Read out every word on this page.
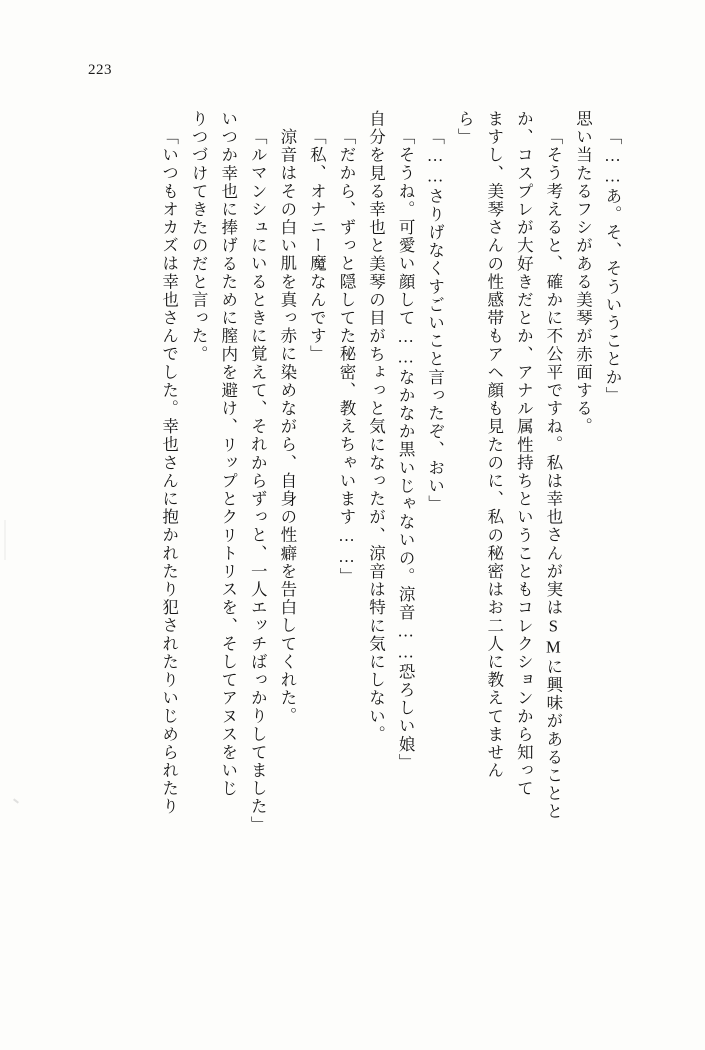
223
「……あ。そ、そういうことか」
思い当たるフシがある美琴が赤面する。
「そう考えると、確かに不公平ですね。私は幸也さんが実はSMに興味があることと
か、コスプレが大好きだとか、アナル属性持ちということもコレクションから知って
ますし、美琴さんの性感帯もアヘ顔も見たのに、私の秘密はお二人に教えてません
ら」
「……さりげなくすごいこと言ったぞ、おい」
「そうね。可愛い顔して……なかなか黒いじゃないの。涼音……恐ろしい娘」
自分を見る幸也と美琴の目がちょっと気になったが、涼音は特に気にしない。
「だから、ずっと隠してた秘密、教えちゃいます……」
「私、オナニー魔なんです」
涼音はその白い肌を真っ赤に染めながら、自身の性癖を告白してくれた。
「ルマンシュにいるときに覚えて、それからずっと、一人エッチばっかりしてました」
いつか幸也に捧げるために膣内を避け、リップとクリトリスを、そしてアヌスをいじ
りつづけてきたのだと言った。
「いつもオカズは幸也さんでした。幸也さんに抱かれたり犯されたりいじめられたり
